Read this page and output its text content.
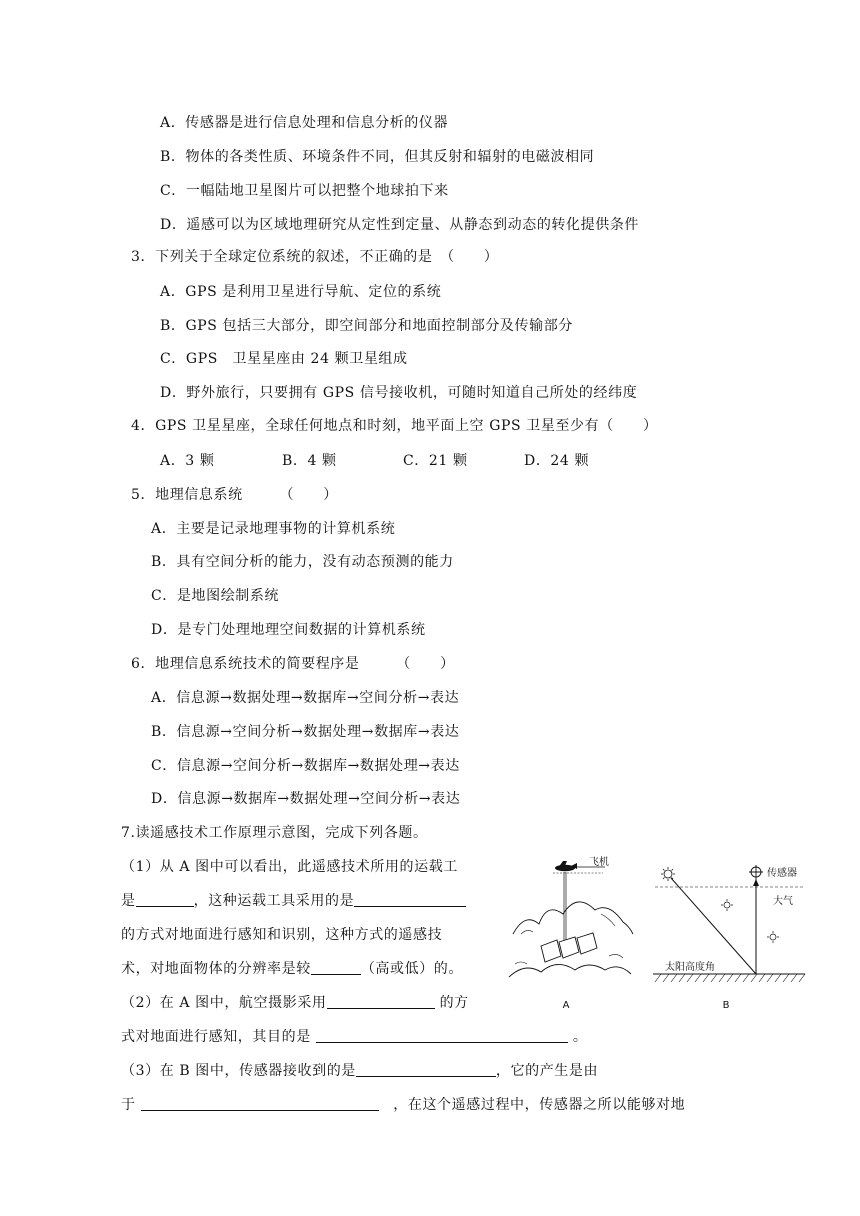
A．传感器是进行信息处理和信息分析的仪器
B．物体的各类性质、环境条件不同，但其反射和辐射的电磁波相同
C．一幅陆地卫星图片可以把整个地球拍下来
D．遥感可以为区域地理研究从定性到定量、从静态到动态的转化提供条件
3．下列关于全球定位系统的叙述，不正确的是　（　　）
A．GPS 是利用卫星进行导航、定位的系统
B．GPS 包括三大部分，即空间部分和地面控制部分及传输部分
C．GPS　卫星星座由 24 颗卫星组成
D．野外旅行，只要拥有 GPS 信号接收机，可随时知道自己所处的经纬度
4．GPS 卫星星座，全球任何地点和时刻，地平面上空 GPS 卫星至少有（　　）
A．3 颗	B．4 颗	C．21 颗	D．24 颗
5．地理信息系统　　　（　　）
A．主要是记录地理事物的计算机系统
B．具有空间分析的能力，没有动态预测的能力
C．是地图绘制系统
D．是专门处理地理空间数据的计算机系统
6．地理信息系统技术的简要程序是　　　（　　）
A．信息源→数据处理→数据库→空间分析→表达
B．信息源→空间分析→数据处理→数据库→表达
C．信息源→空间分析→数据库→数据处理→表达
D．信息源→数据库→数据处理→空间分析→表达
7.读遥感技术工作原理示意图，完成下列各题。
（1）从 A 图中可以看出，此遥感技术所用的运载工
是	，这种运载工具采用的是
的方式对地面进行感知和识别，这种方式的遥感技
术，对地面物体的分辨率是较	（高或低）的。
（2）在 A 图中，航空摄影采用	的方
式对地面进行感知，其目的是	。
（3）在 B 图中，传感器接收到的是	，它的产生是由
于	　，在这个遥感过程中，传感器之所以能够对地
飞机
A
传感器
大气
太阳高度角
B
